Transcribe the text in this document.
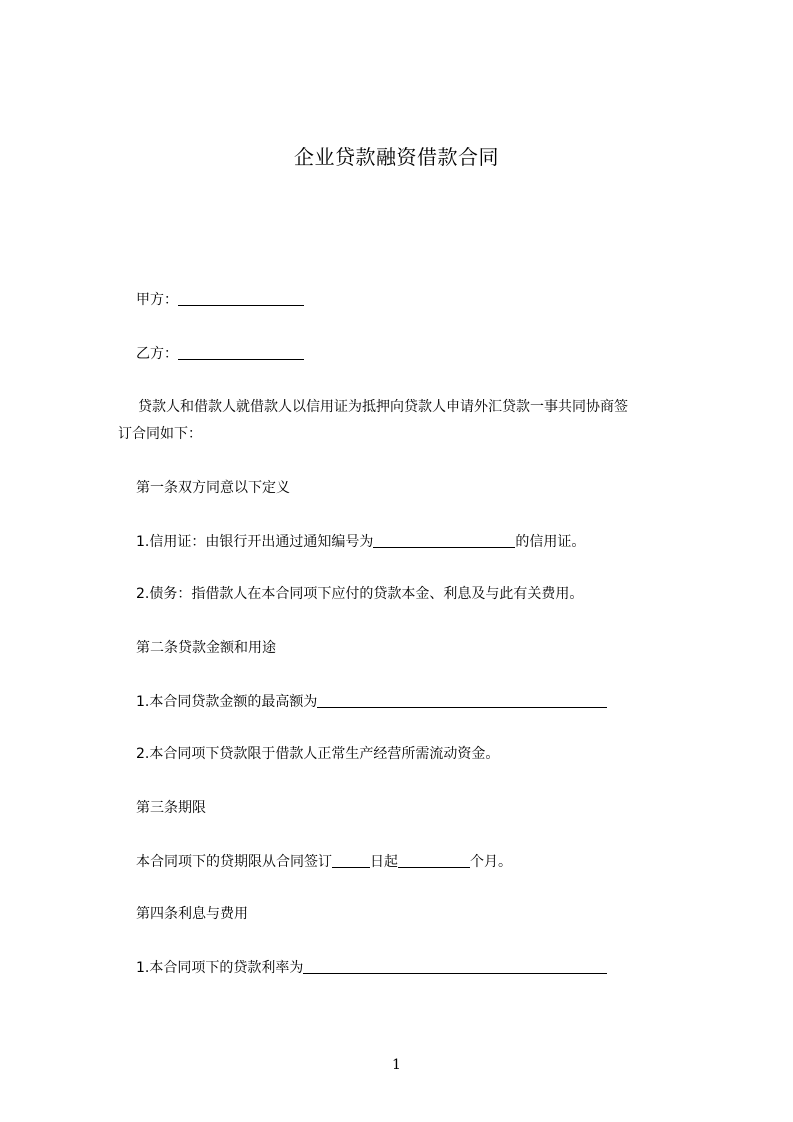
企业贷款融资借款合同
甲方：
乙方：
贷款人和借款人就借款人以信用证为抵押向贷款人申请外汇贷款一事共同协商签
订合同如下：
第一条双方同意以下定义
1.信用证：由银行开出通过通知编号为	的信用证。
2.债务：指借款人在本合同项下应付的贷款本金、利息及与此有关费用。
第二条贷款金额和用途
1.本合同贷款金额的最高额为
2.本合同项下贷款限于借款人正常生产经营所需流动资金。
第三条期限
本合同项下的贷期限从合同签订	日起	个月。
第四条利息与费用
1.本合同项下的贷款利率为
1
